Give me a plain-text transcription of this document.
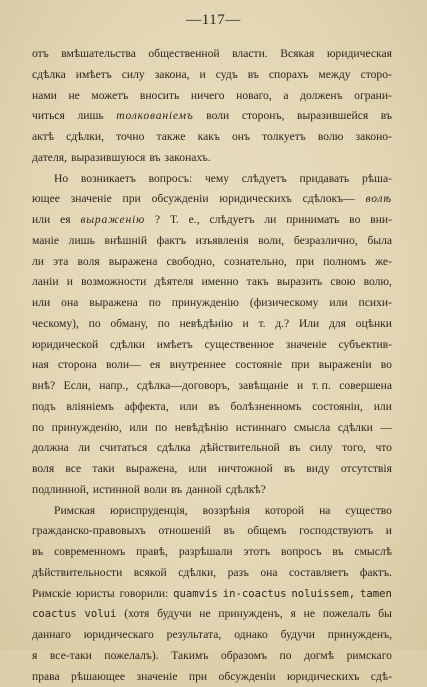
—117—
отъ вмѣшательства общественной власти. Всякая юридическая
сдѣлка имѣетъ силу закона, и судъ въ спорахъ между сторо-
нами не можетъ вносить ничего новаго, а долженъ ограни-
читься лишь толкованіемъ воли сторонъ, выразившейся въ
актѣ сдѣлки, точно также какъ онъ толкуетъ волю законо-
дателя, выразившуюся въ законахъ.
Но возникаетъ вопросъ: чему слѣдуетъ придавать рѣша-
ющее значеніе при обсужденіи юридическихъ сдѣлокъ— волѣ
или ея выраженію ? Т. е., слѣдуетъ ли принимать во вни-
маніе лишь внѣшній фактъ изъявленія воли, безразлично, была
ли эта воля выражена свободно, сознательно, при полномъ же-
ланіи и возможности дѣятеля именно такъ выразить свою волю,
или она выражена по принужденію (физическому или психи-
ческому), по обману, по невѣдѣнію и т. д.? Или для оцѣнки
юридической сдѣлки имѣетъ существенное значеніе субъектив-
ная сторона воли— ея внутреннее состояніе при выраженіи во
внѣ? Если, напр., сдѣлка—договоръ, завѣщаніе и т. п. совершена
подъ вліяніемъ аффекта, или въ болѣзненномъ состояніи, или
по принужденію, или по невѣдѣнію истиннаго смысла сдѣлки —
должна ли считаться сдѣлка дѣйствительной въ силу того, что
воля все таки выражена, или ничтожной въ виду отсутствія
подлинной, истинной воли въ данной сдѣлкѣ?
Римская юриспруденція, воззрѣнія которой на существо
гражданско-правовыхъ отношеній въ общемъ господствуютъ и
въ современномъ правѣ, разрѣшали этотъ вопросъ въ смыслѣ
дѣйствительности всякой сдѣлки, разъ она составляетъ фактъ.
Римскіе юристы говорили: quamvis in-coactus noluissem, tamen
coactus volui (хотя будучи не принужденъ, я не пожелалъ бы
даннаго юридическаго результата, однако будучи принужденъ,
я все-таки пожелалъ). Такимъ образомъ по догмѣ римскаго
права рѣшающее значеніе при обсужденіи юридическихъ сдѣ-
